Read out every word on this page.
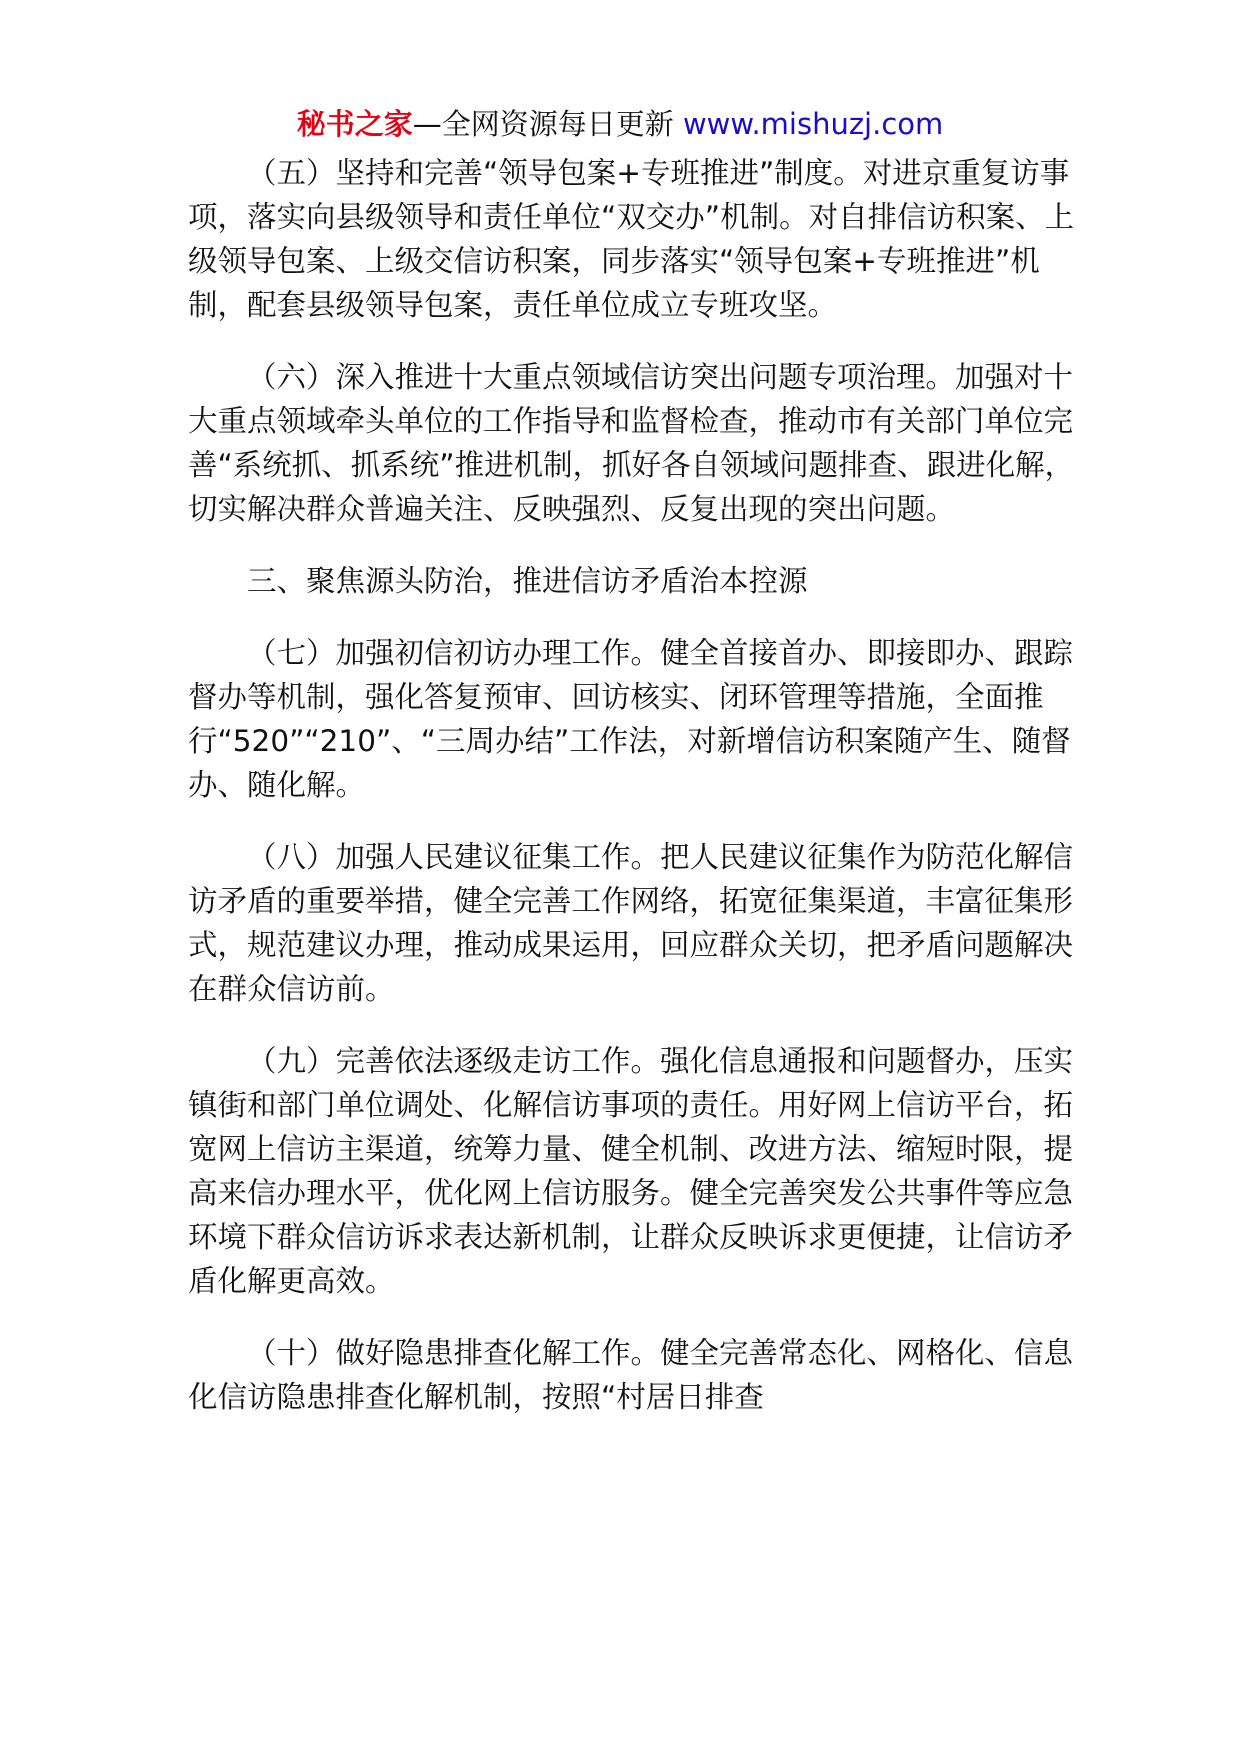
秘书之家—全网资源每日更新 www.mishuzj.com

（五）坚持和完善“领导包案+专班推进”制度。对进京重复访事项，落实向县级领导和责任单位“双交办”机制。对自排信访积案、上级领导包案、上级交信访积案，同步落实“领导包案+专班推进”机制，配套县级领导包案，责任单位成立专班攻坚。

（六）深入推进十大重点领域信访突出问题专项治理。加强对十大重点领域牵头单位的工作指导和监督检查，推动市有关部门单位完善“系统抓、抓系统”推进机制，抓好各自领域问题排查、跟进化解，切实解决群众普遍关注、反映强烈、反复出现的突出问题。

三、聚焦源头防治，推进信访矛盾治本控源

（七）加强初信初访办理工作。健全首接首办、即接即办、跟踪督办等机制，强化答复预审、回访核实、闭环管理等措施，全面推行“520”“210”、“三周办结”工作法，对新增信访积案随产生、随督办、随化解。

（八）加强人民建议征集工作。把人民建议征集作为防范化解信访矛盾的重要举措，健全完善工作网络，拓宽征集渠道，丰富征集形式，规范建议办理，推动成果运用，回应群众关切，把矛盾问题解决在群众信访前。

（九）完善依法逐级走访工作。强化信息通报和问题督办，压实镇街和部门单位调处、化解信访事项的责任。用好网上信访平台，拓宽网上信访主渠道，统筹力量、健全机制、改进方法、缩短时限，提高来信办理水平，优化网上信访服务。健全完善突发公共事件等应急环境下群众信访诉求表达新机制，让群众反映诉求更便捷，让信访矛盾化解更高效。

（十）做好隐患排查化解工作。健全完善常态化、网格化、信息化信访隐患排查化解机制，按照“村居日排查
